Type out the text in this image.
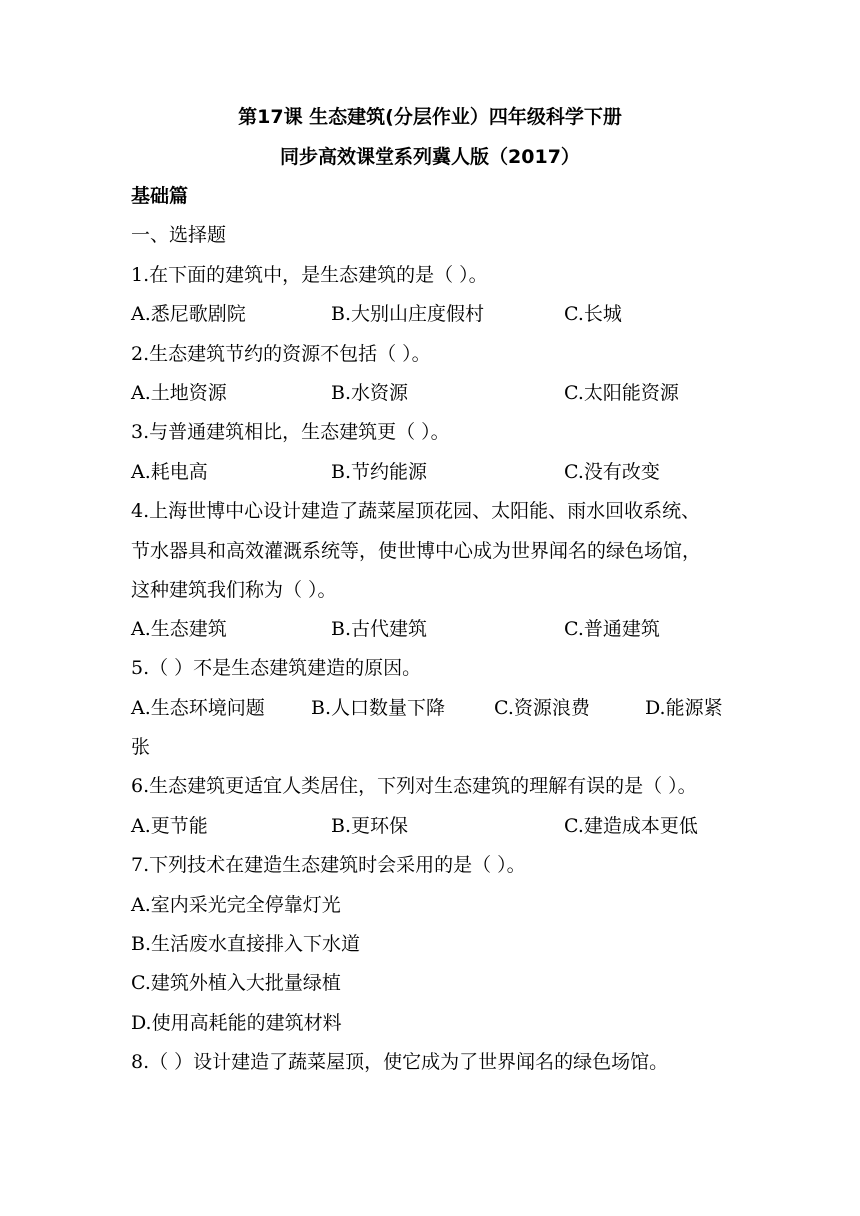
第17课 生态建筑(分层作业）四年级科学下册
同步高效课堂系列冀人版（2017）
基础篇
一、选择题
1.在下面的建筑中，是生态建筑的是（ ）。
A.悉尼歌剧院	B.大别山庄度假村	C.长城
2.生态建筑节约的资源不包括（ ）。
A.土地资源	B.水资源	C.太阳能资源
3.与普通建筑相比，生态建筑更（ ）。
A.耗电高	B.节约能源	C.没有改变
4.上海世博中心设计建造了蔬菜屋顶花园、太阳能、雨水回收系统、
节水器具和高效灌溉系统等，使世博中心成为世界闻名的绿色场馆，
这种建筑我们称为（ ）。
A.生态建筑	B.古代建筑	C.普通建筑
5.（ ）不是生态建筑建造的原因。
A.生态环境问题 B.人口数量下降	C.资源浪费	D.能源紧
张
6.生态建筑更适宜人类居住，下列对生态建筑的理解有误的是（ ）。
A.更节能	B.更环保	C.建造成本更低
7.下列技术在建造生态建筑时会采用的是（ ）。
A.室内采光完全停靠灯光
B.生活废水直接排入下水道
C.建筑外植入大批量绿植
D.使用高耗能的建筑材料
8.（ ）设计建造了蔬菜屋顶，使它成为了世界闻名的绿色场馆。
